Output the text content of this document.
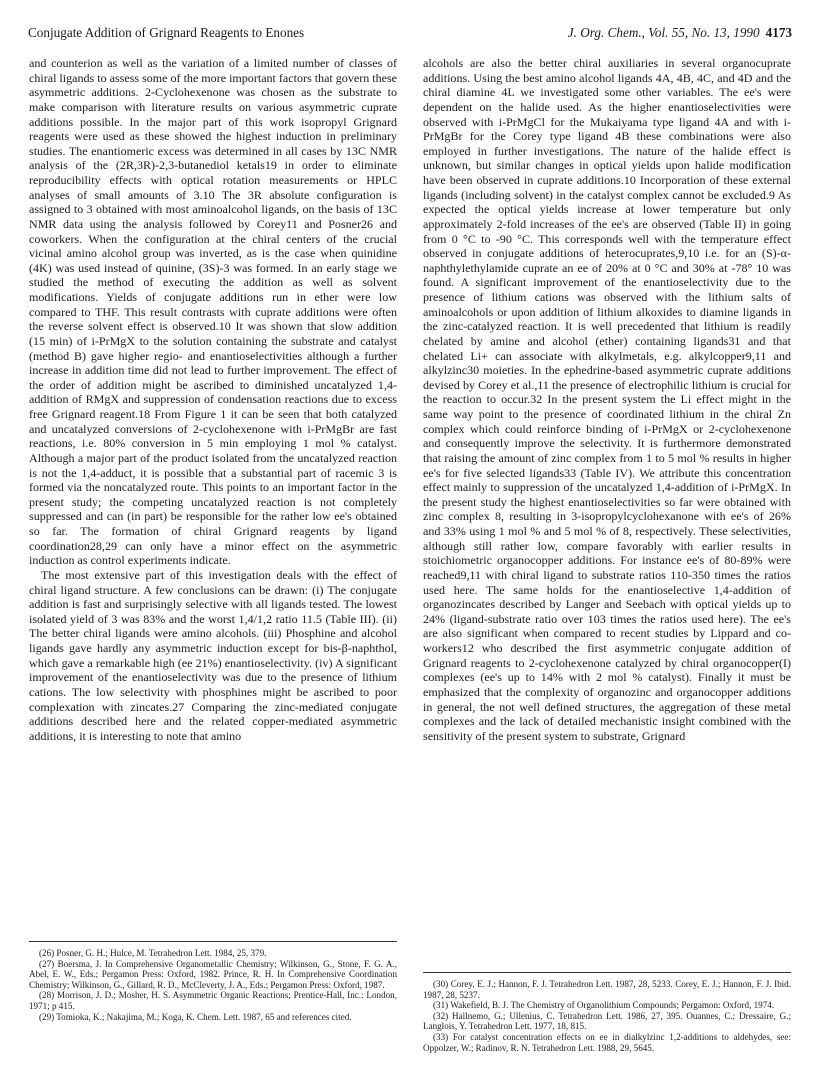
Conjugate Addition of Grignard Reagents to Enones	J. Org. Chem., Vol. 55, No. 13, 1990 4173

and counterion as well as the variation of a limited number of classes of chiral ligands to assess some of the more important factors that govern these asymmetric additions. 2-Cyclohexenone was chosen as the substrate to make comparison with literature results on various asymmetric cuprate additions possible. In the major part of this work isopropyl Grignard reagents were used as these showed the highest induction in preliminary studies. The enantiomeric excess was determined in all cases by 13C NMR analysis of the (2R,3R)-2,3-butanediol ketals19 in order to eliminate reproducibility effects with optical rotation measurements or HPLC analyses of small amounts of 3.10 The 3R absolute configuration is assigned to 3 obtained with most aminoalcohol ligands, on the basis of 13C NMR data using the analysis followed by Corey11 and Posner26 and coworkers. When the configuration at the chiral centers of the crucial vicinal amino alcohol group was inverted, as is the case when quinidine (4K) was used instead of quinine, (3S)-3 was formed. In an early stage we studied the method of executing the addition as well as solvent modifications. Yields of conjugate additions run in ether were low compared to THF. This result contrasts with cuprate additions were often the reverse solvent effect is observed.10 It was shown that slow addition (15 min) of i-PrMgX to the solution containing the substrate and catalyst (method B) gave higher regio- and enantioselectivities although a further increase in addition time did not lead to further improvement. The effect of the order of addition might be ascribed to diminished uncatalyzed 1,4-addition of RMgX and suppression of condensation reactions due to excess free Grignard reagent.18 From Figure 1 it can be seen that both catalyzed and uncatalyzed conversions of 2-cyclohexenone with i-PrMgBr are fast reactions, i.e. 80% conversion in 5 min employing 1 mol % catalyst. Although a major part of the product isolated from the uncatalyzed reaction is not the 1,4-adduct, it is possible that a substantial part of racemic 3 is formed via the noncatalyzed route. This points to an important factor in the present study; the competing uncatalyzed reaction is not completely suppressed and can (in part) be responsible for the rather low ee's obtained so far. The formation of chiral Grignard reagents by ligand coordination28,29 can only have a minor effect on the asymmetric induction as control experiments indicate.

The most extensive part of this investigation deals with the effect of chiral ligand structure. A few conclusions can be drawn: (i) The conjugate addition is fast and surprisingly selective with all ligands tested. The lowest isolated yield of 3 was 83% and the worst 1,4/1,2 ratio 11.5 (Table III). (ii) The better chiral ligands were amino alcohols. (iii) Phosphine and alcohol ligands gave hardly any asymmetric induction except for bis-β-naphthol, which gave a remarkable high (ee 21%) enantioselectivity. (iv) A significant improvement of the enantioselectivity was due to the presence of lithium cations. The low selectivity with phosphines might be ascribed to poor complexation with zincates.27 Comparing the zinc-mediated conjugate additions described here and the related copper-mediated asymmetric additions, it is interesting to note that amino

alcohols are also the better chiral auxiliaries in several organocuprate additions. Using the best amino alcohol ligands 4A, 4B, 4C, and 4D and the chiral diamine 4L we investigated some other variables. The ee's were dependent on the halide used. As the higher enantioselectivities were observed with i-PrMgCl for the Mukaiyama type ligand 4A and with i-PrMgBr for the Corey type ligand 4B these combinations were also employed in further investigations. The nature of the halide effect is unknown, but similar changes in optical yields upon halide modification have been observed in cuprate additions.10 Incorporation of these external ligands (including solvent) in the catalyst complex cannot be excluded.9 As expected the optical yields increase at lower temperature but only approximately 2-fold increases of the ee's are observed (Table II) in going from 0 °C to -90 °C. This corresponds well with the temperature effect observed in conjugate additions of heterocuprates,9,10 i.e. for an (S)-α-naphthylethylamide cuprate an ee of 20% at 0 °C and 30% at -78° 10 was found. A significant improvement of the enantioselectivity due to the presence of lithium cations was observed with the lithium salts of aminoalcohols or upon addition of lithium alkoxides to diamine ligands in the zinc-catalyzed reaction. It is well precedented that lithium is readily chelated by amine and alcohol (ether) containing ligands31 and that chelated Li+ can associate with alkylmetals, e.g. alkylcopper9,11 and alkylzinc30 moieties. In the ephedrine-based asymmetric cuprate additions devised by Corey et al.,11 the presence of electrophilic lithium is crucial for the reaction to occur.32 In the present system the Li effect might in the same way point to the presence of coordinated lithium in the chiral Zn complex which could reinforce binding of i-PrMgX or 2-cyclohexenone and consequently improve the selectivity. It is furthermore demonstrated that raising the amount of zinc complex from 1 to 5 mol % results in higher ee's for five selected ligands33 (Table IV). We attribute this concentration effect mainly to suppression of the uncatalyzed 1,4-addition of i-PrMgX. In the present study the highest enantioselectivities so far were obtained with zinc complex 8, resulting in 3-isopropylcyclohexanone with ee's of 26% and 33% using 1 mol % and 5 mol % of 8, respectively. These selectivities, although still rather low, compare favorably with earlier results in stoichiometric organocopper additions. For instance ee's of 80-89% were reached9,11 with chiral ligand to substrate ratios 110-350 times the ratios used here. The same holds for the enantioselective 1,4-addition of organozincates described by Langer and Seebach with optical yields up to 24% (ligand-substrate ratio over 103 times the ratios used here). The ee's are also significant when compared to recent studies by Lippard and co-workers12 who described the first asymmetric conjugate addition of Grignard reagents to 2-cyclohexenone catalyzed by chiral organocopper(I) complexes (ee's up to 14% with 2 mol % catalyst). Finally it must be emphasized that the complexity of organozinc and organocopper additions in general, the not well defined structures, the aggregation of these metal complexes and the lack of detailed mechanistic insight combined with the sensitivity of the present system to substrate, Grignard

(26) Posner, G. H.; Hulce, M. Tetrahedron Lett. 1984, 25, 379.

(27) Boersma, J. In Comprehensive Organometallic Chemistry; Wilkinson, G., Stone, F. G. A., Abel, E. W., Eds.; Pergamon Press: Oxford, 1982. Prince, R. H. In Comprehensive Coordination Chemistry; Wilkinson, G., Gillard, R. D., McCleverty, J. A., Eds.; Pergamon Press: Oxford, 1987.

(28) Morrison, J. D.; Mosher, H. S. Asymmetric Organic Reactions; Prentice-Hall, Inc.: London, 1971; p 415.

(29) Tomioka, K.; Nakajima, M.; Koga, K. Chem. Lett. 1987, 65 and references cited.

(30) Corey, E. J.; Hannon, F. J. Tetrahedron Lett. 1987, 28, 5233. Corey, E. J.; Hannon, F. J. Ibid. 1987, 28, 5237.

(31) Wakefield, B. J. The Chemistry of Organolithium Compounds; Pergamon: Oxford, 1974.

(32) Hallnemo, G.; Ullenius, C. Tetrahedron Lett. 1986, 27, 395. Ouannes, C.; Dressaire, G.; Langlois, Y. Tetrahedron Lett. 1977, 18, 815.

(33) For catalyst concentration effects on ee in dialkylzinc 1,2-additions to aldehydes, see: Oppolzer, W.; Radinov, R. N. Tetrahedron Lett. 1988, 29, 5645.
